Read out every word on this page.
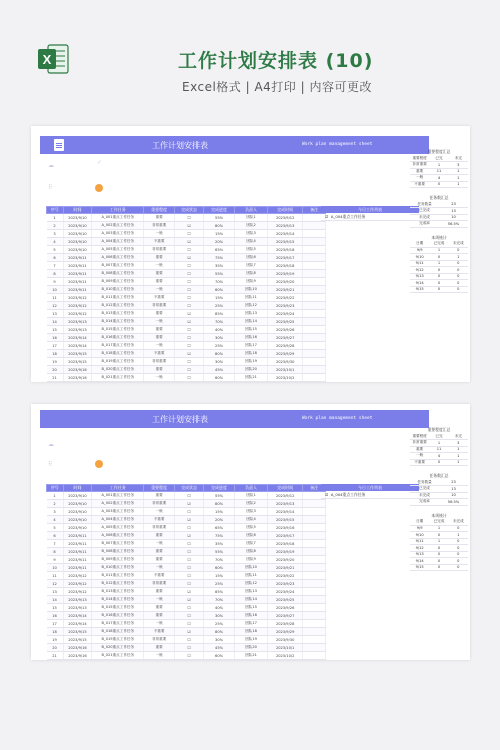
X	工作计划安排表 (10)
Excel格式 | A4打印 | 内容可更改
工作计划安排表	Work plan management sheet
☁	✓
⠿
序号	时间	工作任务	重要程度	完成状态	完成进度	负责人	完成时间	备注
1	2023/9/10	A_001重点工作任务	重要	☐	55%	团队1	2023/9/12	
2	2023/9/10	A_002重点工作任务	非常重要	☑	80%	团队2	2023/9/13	
3	2023/9/10	A_003重点工作任务	一般	☐	15%	团队3	2023/9/14	
4	2023/9/10	A_004重点工作任务	不重要	☑	20%	团队4	2023/9/15	
5	2023/9/10	A_005重点工作任务	非常重要	☐	65%	团队5	2023/9/16	
6	2023/9/11	A_006重点工作任务	重要	☑	75%	团队6	2023/9/17	
7	2023/9/11	B_007重点工作任务	一般	☐	35%	团队7	2023/9/18	
8	2023/9/11	B_008重点工作任务	重要	☐	55%	团队8	2023/9/19	
9	2023/9/11	B_009重点工作任务	重要	☐	70%	团队9	2023/9/20	
10	2023/9/11	B_010重点工作任务	一般	☐	60%	团队10	2023/9/21	
11	2023/9/12	B_011重点工作任务	不重要	☐	15%	团队11	2023/9/22	
12	2023/9/12	B_012重点工作任务	非常重要	☐	25%	团队12	2023/9/23	
13	2023/9/12	B_013重点工作任务	重要	☑	85%	团队13	2023/9/24	
14	2023/9/13	B_014重点工作任务	一般	☑	70%	团队14	2023/9/25	
15	2023/9/13	B_015重点工作任务	重要	☐	40%	团队15	2023/9/26	
16	2023/9/14	B_016重点工作任务	重要	☐	30%	团队16	2023/9/27	
17	2023/9/14	B_017重点工作任务	一般	☐	25%	团队17	2023/9/28	
18	2023/9/15	B_018重点工作任务	不重要	☑	80%	团队18	2023/9/29	
19	2023/9/15	B_019重点工作任务	非常重要	☐	30%	团队19	2023/9/30	
20	2023/9/16	B_020重点工作任务	重要	☐	45%	团队20	2023/10/1	
21	2023/9/16	B_021重点工作任务	一般	☐	60%	团队21	2023/10/2	
今日工作列表
☑  A_004重点工作任务
重要程度汇总
重要程度	已完	未完
非常重要	1	3
重要	11	1
一般	4	1
不重要	0	1
任务数汇总
任务数量	23
已完成	13
未完成	10
完成率	56.5%
本周统计
日期	已完成	未完成
9/9	1	0
9/10	0	1
9/11	1	0
9/12	0	0
9/13	0	0
9/14	0	0
9/15	0	0
工作计划安排表	Work plan management sheet
☁
⠿
序号	时间	工作任务	重要程度	完成状态	完成进度	负责人	完成时间	备注
1	2023/9/10	A_001重点工作任务	重要	☐	55%	团队1	2023/9/12	
2	2023/9/10	A_002重点工作任务	非常重要	☑	80%	团队2	2023/9/13	
3	2023/9/10	A_003重点工作任务	一般	☐	15%	团队3	2023/9/14	
4	2023/9/10	A_004重点工作任务	不重要	☑	20%	团队4	2023/9/15	
5	2023/9/10	A_005重点工作任务	非常重要	☐	65%	团队5	2023/9/16	
6	2023/9/11	A_006重点工作任务	重要	☑	75%	团队6	2023/9/17	
7	2023/9/11	B_007重点工作任务	一般	☐	35%	团队7	2023/9/18	
8	2023/9/11	B_008重点工作任务	重要	☐	55%	团队8	2023/9/19	
9	2023/9/11	B_009重点工作任务	重要	☐	70%	团队9	2023/9/20	
10	2023/9/11	B_010重点工作任务	一般	☐	60%	团队10	2023/9/21	
11	2023/9/12	B_011重点工作任务	不重要	☐	15%	团队11	2023/9/22	
12	2023/9/12	B_012重点工作任务	非常重要	☐	25%	团队12	2023/9/23	
13	2023/9/12	B_013重点工作任务	重要	☑	85%	团队13	2023/9/24	
14	2023/9/13	B_014重点工作任务	一般	☑	70%	团队14	2023/9/25	
15	2023/9/13	B_015重点工作任务	重要	☐	40%	团队15	2023/9/26	
16	2023/9/14	B_016重点工作任务	重要	☐	30%	团队16	2023/9/27	
17	2023/9/14	B_017重点工作任务	一般	☐	25%	团队17	2023/9/28	
18	2023/9/15	B_018重点工作任务	不重要	☑	80%	团队18	2023/9/29	
19	2023/9/15	B_019重点工作任务	非常重要	☐	30%	团队19	2023/9/30	
20	2023/9/16	B_020重点工作任务	重要	☐	45%	团队20	2023/10/1	
21	2023/9/16	B_021重点工作任务	一般	☐	60%	团队21	2023/10/2	
今日工作列表
☑  A_004重点工作任务
重要程度汇总
重要程度	已完	未完
非常重要	1	3
重要	11	1
一般	4	1
不重要	0	1
任务数汇总
任务数量	23
已完成	13
未完成	10
完成率	56.5%
本周统计
日期	已完成	未完成
9/9	1	0
9/10	0	1
9/11	1	0
9/12	0	0
9/13	0	0
9/14	0	0
9/15	0	0
